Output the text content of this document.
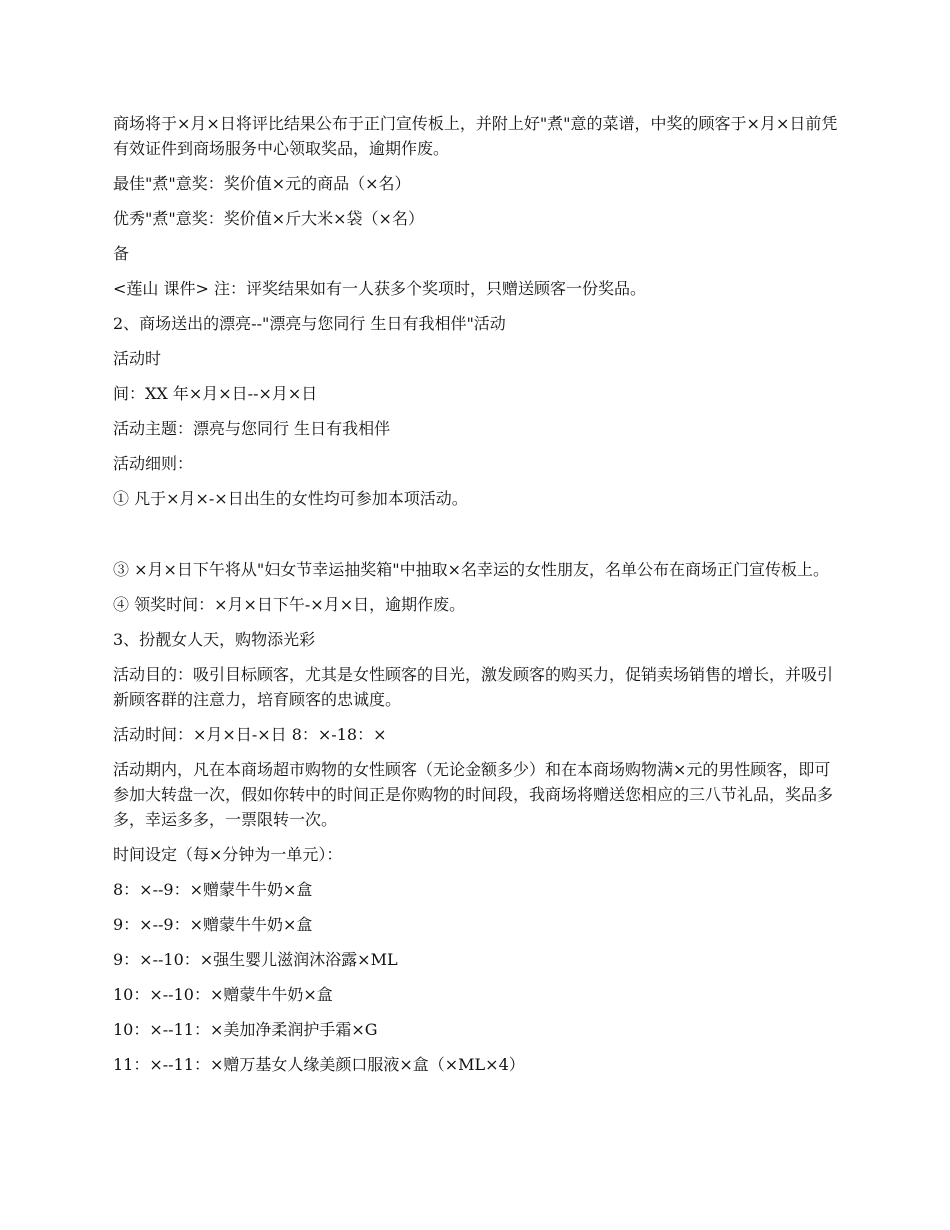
商场将于×月×日将评比结果公布于正门宣传板上，并附上好"煮"意的菜谱，中奖的顾客于×月×日前凭有效证件到商场服务中心领取奖品，逾期作废。

最佳"煮"意奖：奖价值×元的商品（×名）

优秀"煮"意奖：奖价值×斤大米×袋（×名）

备

<莲山 课件> 注：评奖结果如有一人获多个奖项时，只赠送顾客一份奖品。

2、商场送出的漂亮--"漂亮与您同行 生日有我相伴"活动

活动时

间：XX 年×月×日--×月×日

活动主题：漂亮与您同行 生日有我相伴

活动细则：

① 凡于×月×-×日出生的女性均可参加本项活动。

③ ×月×日下午将从"妇女节幸运抽奖箱"中抽取×名幸运的女性朋友，名单公布在商场正门宣传板上。

④ 领奖时间：×月×日下午-×月×日，逾期作废。

3、扮靓女人天，购物添光彩

活动目的：吸引目标顾客，尤其是女性顾客的目光，激发顾客的购买力，促销卖场销售的增长，并吸引新顾客群的注意力，培育顾客的忠诚度。

活动时间：×月×日-×日 8：×-18：×

活动期内，凡在本商场超市购物的女性顾客（无论金额多少）和在本商场购物满×元的男性顾客，即可参加大转盘一次，假如你转中的时间正是你购物的时间段，我商场将赠送您相应的三八节礼品，奖品多多，幸运多多，一票限转一次。

时间设定（每×分钟为一单元）：

8：×--9：×赠蒙牛牛奶×盒

9：×--9：×赠蒙牛牛奶×盒

9：×--10：×强生婴儿滋润沐浴露×ML

10：×--10：×赠蒙牛牛奶×盒

10：×--11：×美加净柔润护手霜×G

11：×--11：×赠万基女人缘美颜口服液×盒（×ML×4）
